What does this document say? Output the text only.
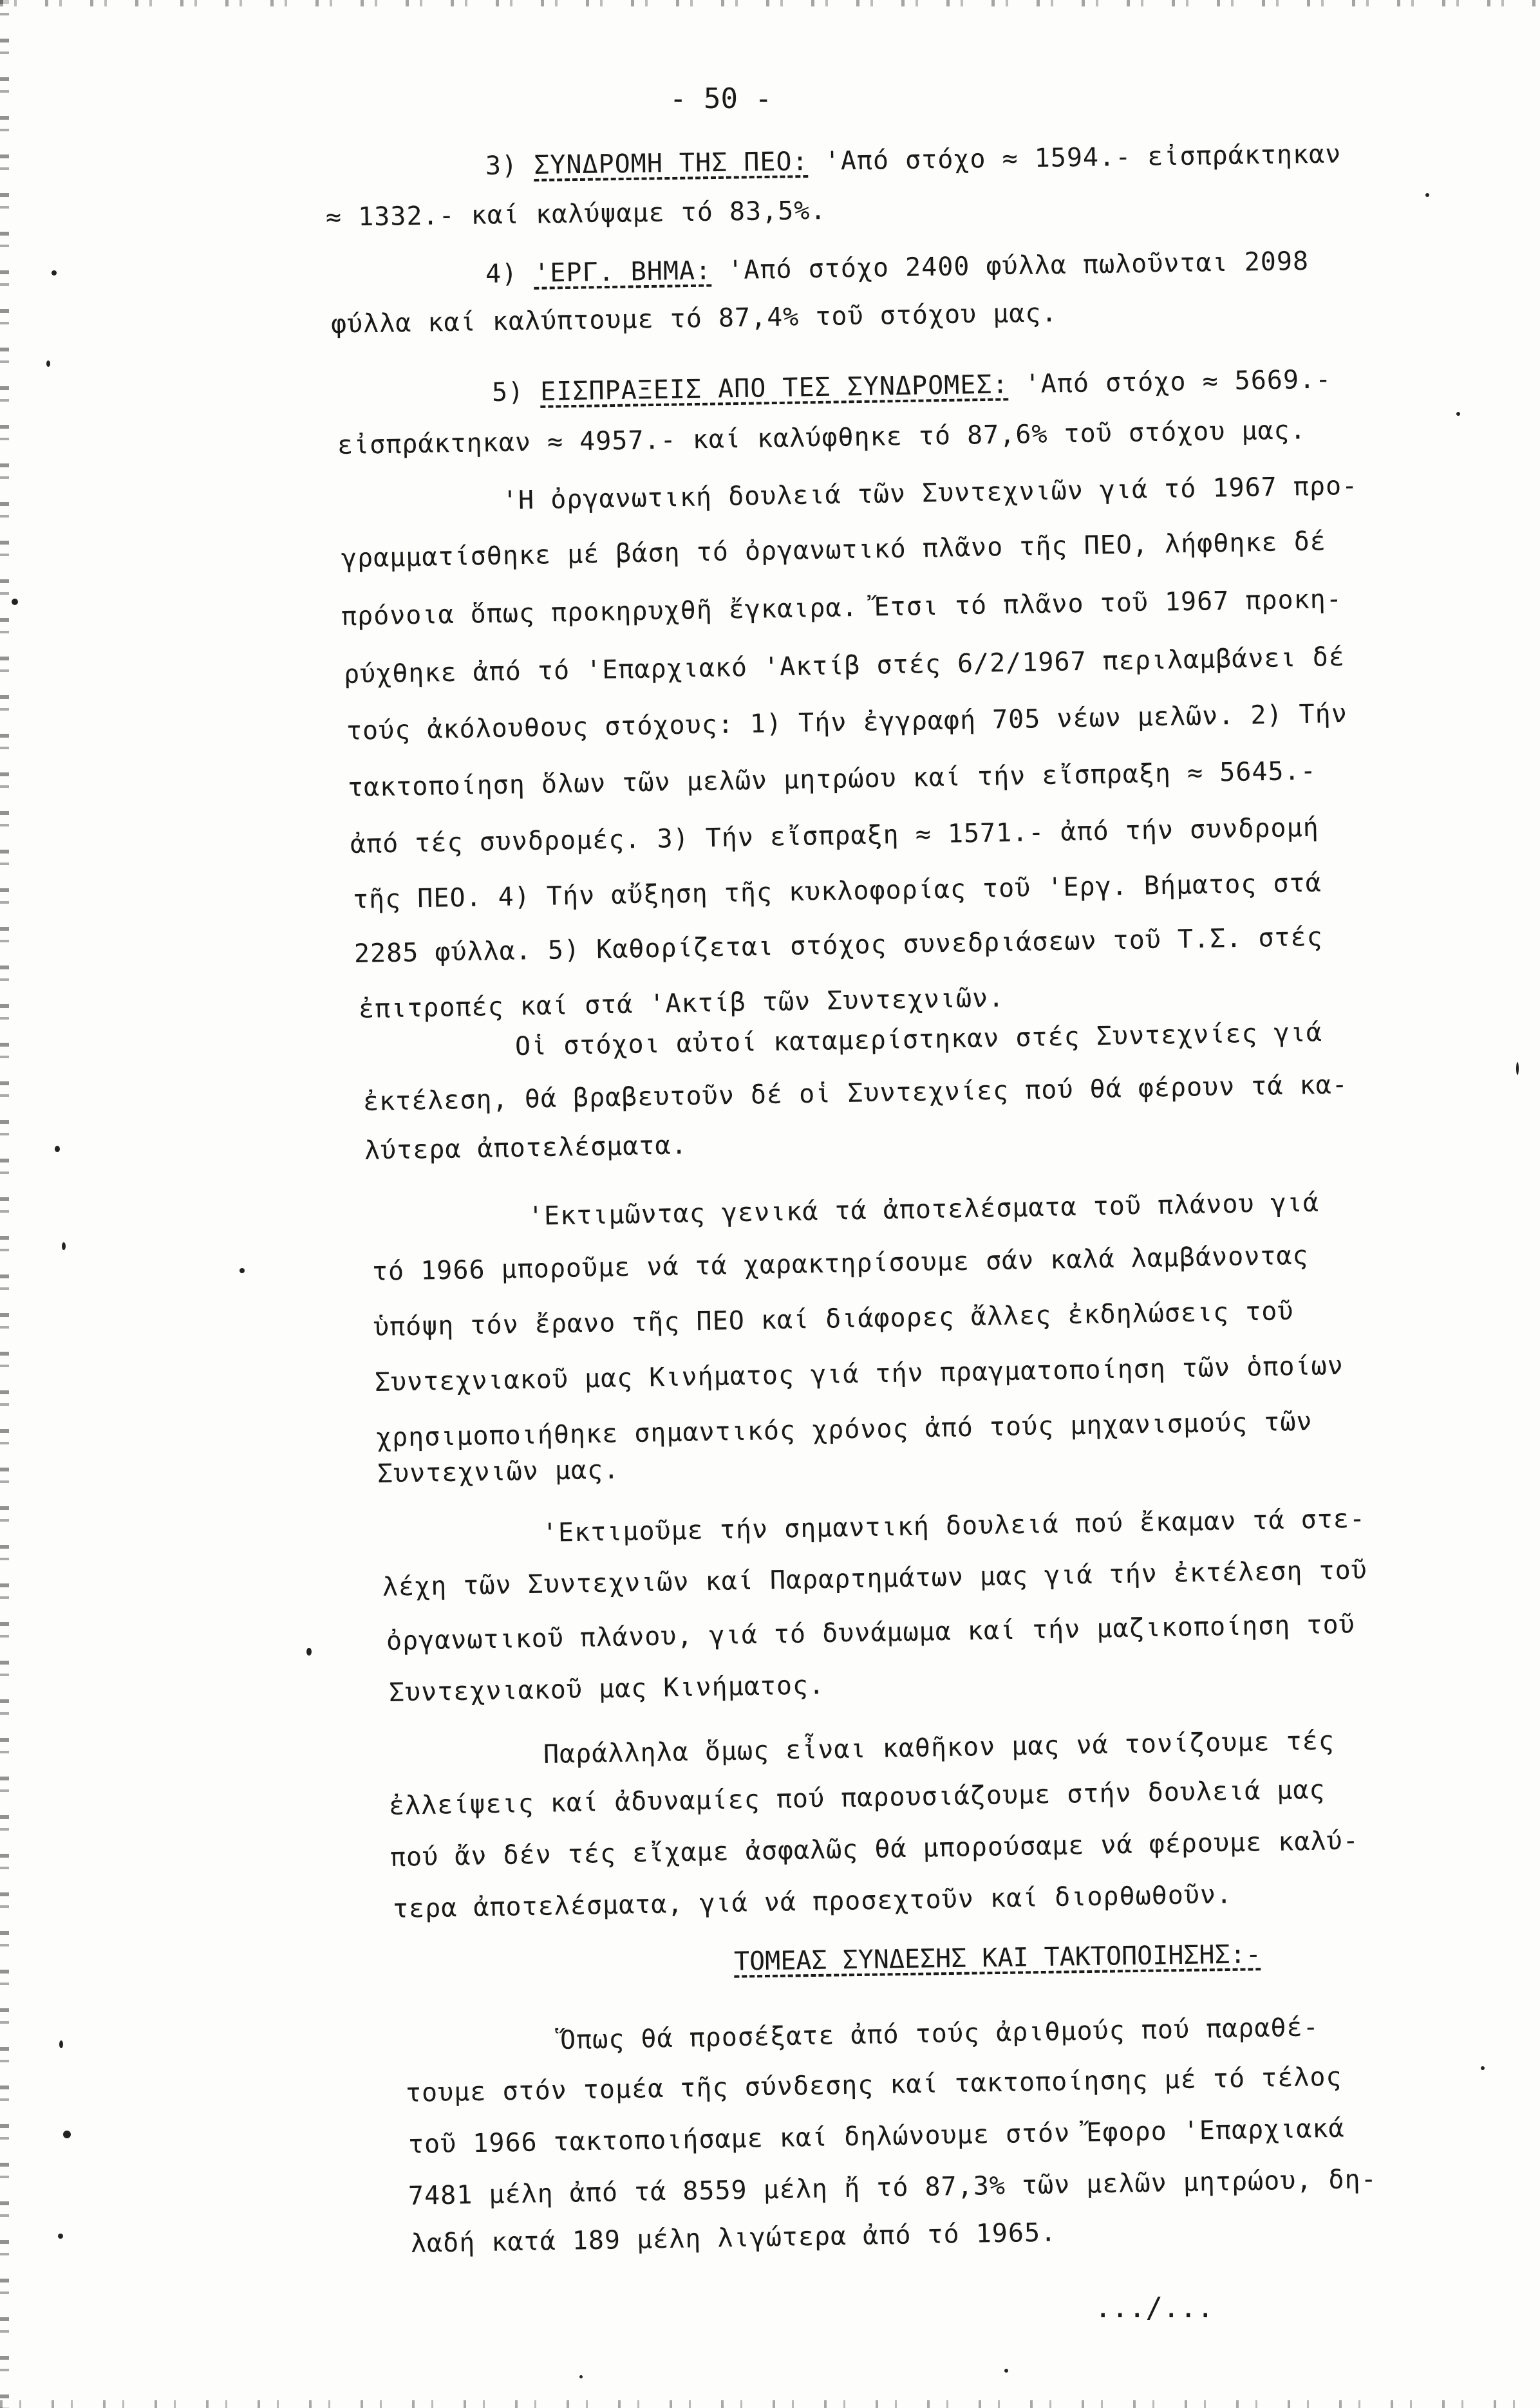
- 50 -
3) ΣΥΝΔΡΟΜΗ ΤΗΣ ΠΕΟ: 'Από στόχο ≈ 1594.- εἰσπράκτηκαν
≈ 1332.- καί καλύψαμε τό 83,5%.
4) 'ΕΡΓ. ΒΗΜΑ: 'Από στόχο 2400 φύλλα πωλοῦνται 2098
φύλλα καί καλύπτουμε τό 87,4% τοῦ στόχου μας.
5) ΕΙΣΠΡΑΞΕΙΣ ΑΠΟ ΤΕΣ ΣΥΝΔΡΟΜΕΣ: 'Από στόχο ≈ 5669.-
εἰσπράκτηκαν ≈ 4957.- καί καλύφθηκε τό 87,6% τοῦ στόχου μας.
'Η ὀργανωτική δουλειά τῶν Συντεχνιῶν γιά τό 1967 προ-
γραμματίσθηκε μέ βάση τό ὀργανωτικό πλᾶνο τῆς ΠΕΟ, λήφθηκε δέ
πρόνοια ὅπως προκηρυχθῆ ἔγκαιρα. Ἔτσι τό πλᾶνο τοῦ 1967 προκη-
ρύχθηκε ἀπό τό 'Επαρχιακό 'Ακτίβ στές 6/2/1967 περιλαμβάνει δέ
τούς ἀκόλουθους στόχους: 1) Τήν ἐγγραφή 705 νέων μελῶν. 2) Τήν
τακτοποίηση ὅλων τῶν μελῶν μητρώου καί τήν εἴσπραξη ≈ 5645.-
ἀπό τές συνδρομές. 3) Τήν εἴσπραξη ≈ 1571.- ἀπό τήν συνδρομή
τῆς ΠΕΟ. 4) Τήν αὔξηση τῆς κυκλοφορίας τοῦ 'Εργ. Βήματος στά
2285 φύλλα. 5) Καθορίζεται στόχος συνεδριάσεων τοῦ Τ.Σ. στές
ἐπιτροπές καί στά 'Ακτίβ τῶν Συντεχνιῶν.
Οἱ στόχοι αὐτοί καταμερίστηκαν στές Συντεχνίες γιά
ἐκτέλεση, θά βραβευτοῦν δέ οἱ Συντεχνίες πού θά φέρουν τά κα-
λύτερα ἀποτελέσματα.
'Εκτιμῶντας γενικά τά ἀποτελέσματα τοῦ πλάνου γιά
τό 1966 μποροῦμε νά τά χαρακτηρίσουμε σάν καλά λαμβάνοντας
ὑπόψη τόν ἔρανο τῆς ΠΕΟ καί διάφορες ἄλλες ἐκδηλώσεις τοῦ
Συντεχνιακοῦ μας Κινήματος γιά τήν πραγματοποίηση τῶν ὁποίων
χρησιμοποιήθηκε σημαντικός χρόνος ἀπό τούς μηχανισμούς τῶν
Συντεχνιῶν μας.
'Εκτιμοῦμε τήν σημαντική δουλειά πού ἔκαμαν τά στε-
λέχη τῶν Συντεχνιῶν καί Παραρτημάτων μας γιά τήν ἐκτέλεση τοῦ
ὀργανωτικοῦ πλάνου, γιά τό δυνάμωμα καί τήν μαζικοποίηση τοῦ
Συντεχνιακοῦ μας Κινήματος.
Παράλληλα ὅμως εἶναι καθῆκον μας νά τονίζουμε τές
ἐλλείψεις καί ἀδυναμίες πού παρουσιάζουμε στήν δουλειά μας
πού ἄν δέν τές εἴχαμε ἀσφαλῶς θά μπορούσαμε νά φέρουμε καλύ-
τερα ἀποτελέσματα, γιά νά προσεχτοῦν καί διορθωθοῦν.
ΤΟΜΕΑΣ ΣΥΝΔΕΣΗΣ ΚΑΙ ΤΑΚΤΟΠΟΙΗΣΗΣ:-
Ὅπως θά προσέξατε ἀπό τούς ἀριθμούς πού παραθέ-
τουμε στόν τομέα τῆς σύνδεσης καί τακτοποίησης μέ τό τέλος
τοῦ 1966 τακτοποιήσαμε καί δηλώνουμε στόν Ἔφορο 'Επαρχιακά
7481 μέλη ἀπό τά 8559 μέλη ἤ τό 87,3% τῶν μελῶν μητρώου, δη-
λαδή κατά 189 μέλη λιγώτερα ἀπό τό 1965.
.../...
